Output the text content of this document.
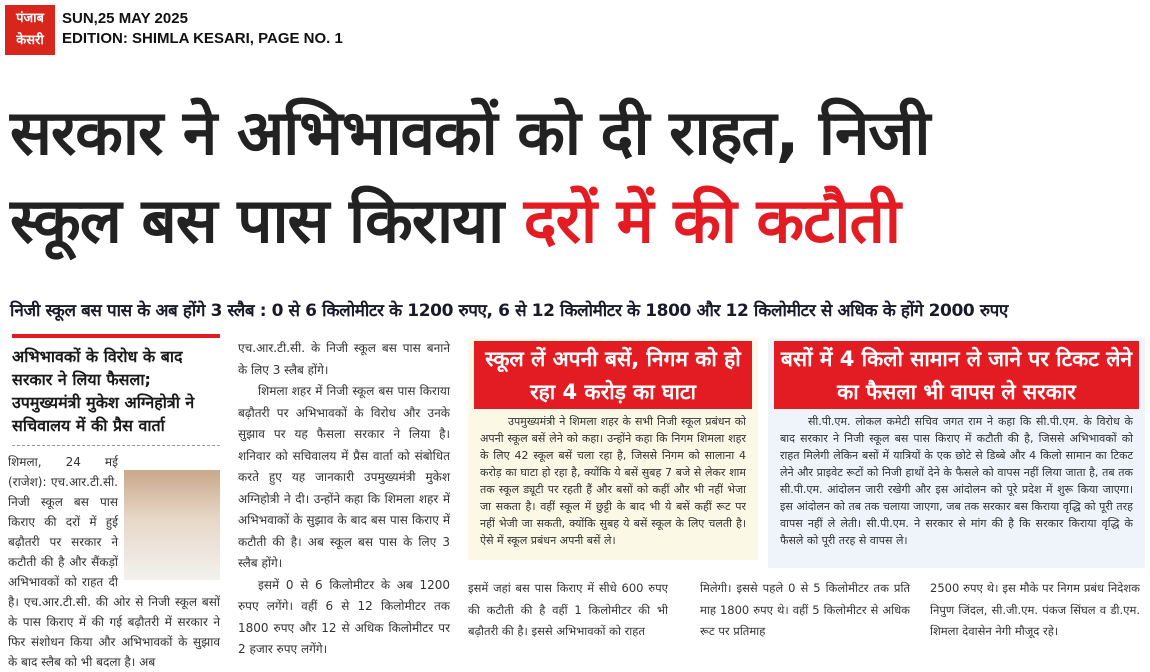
पंजाब केसरी
SUN,25 MAY 2025
EDITION: SHIMLA KESARI, PAGE NO. 1
सरकार ने अभिभावकों को दी राहत, निजी
स्कूल बस पास किराया दरों में की कटौती
निजी स्कूल बस पास के अब होंगे 3 स्लैब : 0 से 6 किलोमीटर के 1200 रुपए, 6 से 12 किलोमीटर के 1800 और 12 किलोमीटर से अधिक के होंगे 2000 रुपए
अभिभावकों के विरोध के बाद सरकार ने लिया फैसला; उपमुख्यमंत्री मुकेश अग्निहोत्री ने सचिवालय में की प्रैस वार्ता
शिमला, 24 मई (राजेश): एच.आर.टी.सी. निजी स्कूल बस पास किराए की दरों में हुई बढ़ौतरी पर सरकार ने कटौती की है और सैंकड़ों अभिभावकों को राहत दी है। एच.आर.टी.सी. की ओर से निजी स्कूल बसों के पास किराए में की गई बढ़ौतरी में सरकार ने फिर संशोधन किया और अभिभावकों के सुझाव के बाद स्लैब को भी बदला है। अब

एच.आर.टी.सी. के निजी स्कूल बस पास बनाने के लिए 3 स्लैब होंगे।

शिमला शहर में निजी स्कूल बस पास किराया बढ़ौतरी पर अभिभावकों के विरोध और उनके सुझाव पर यह फैसला सरकार ने लिया है। शनिवार को सचिवालय में प्रैस वार्ता को संबोधित करते हुए यह जानकारी उपमुख्यमंत्री मुकेश अग्निहोत्री ने दी। उन्होंने कहा कि शिमला शहर में अभिभवाकों के सुझाव के बाद बस पास किराए में कटौती की है। अब स्कूल बस पास के लिए 3 स्लैब होंगे।

इसमें 0 से 6 किलोमीटर के अब 1200 रुपए लगेंगे। वहीं 6 से 12 किलोमीटर तक 1800 रुपए और 12 से अधिक किलोमीटर पर 2 हजार रुपए लगेंगे।

स्कूल लें अपनी बसें, निगम को हो रहा 4 करोड़ का घाटा
उपमुख्यमंत्री ने शिमला शहर के सभी निजी स्कूल प्रबंधन को अपनी स्कूल बसें लेने को कहा। उन्होंने कहा कि निगम शिमला शहर के लिए 42 स्कूल बसें चला रहा है, जिससे निगम को सालाना 4 करोड़ का घाटा हो रहा है, क्योंकि ये बसें सुबह 7 बजे से लेकर शाम तक स्कूल ड्यूटी पर रहती हैं और बसों को कहीं और भी नहीं भेजा जा सकता है। वहीं स्कूल में छुट्टी के बाद भी ये बसें कहीं रूट पर नहीं भेजी जा सकती, क्योंकि सुबह ये बसें स्कूल के लिए चलती है। ऐसे में स्कूल प्रबंधन अपनी बसें ले।
बसों में 4 किलो सामान ले जाने पर टिकट लेने का फैसला भी वापस ले सरकार
सी.पी.एम. लोकल कमेटी सचिव जगत राम ने कहा कि सी.पी.एम. के विरोध के बाद सरकार ने निजी स्कूल बस पास किराए में कटौती की है, जिससे अभिभावकों को राहत मिलेगी लेकिन बसों में यात्रियों के एक छोटे से डिब्बे और 4 किलो सामान का टिकट लेने और प्राइवेट रूटों को निजी हाथों देने के फैसले को वापस नहीं लिया जाता है, तब तक सी.पी.एम. आंदोलन जारी रखेगी और इस आंदोलन को पूरे प्रदेश में शुरू किया जाएगा। इस आंदोलन को तब तक चलाया जाएगा, जब तक सरकार बस किराया वृद्धि को पूरी तरह वापस नहीं ले लेती। सी.पी.एम. ने सरकार से मांग की है कि सरकार किराया वृद्धि के फैसले को पूरी तरह से वापस ले।
इसमें जहां बस पास किराए में सीधे 600 रुपए की कटौती की है वहीं 1 किलोमीटर की भी बढ़ौतरी की है। इससे अभिभावकों को राहत
मिलेगी। इससे पहले 0 से 5 किलोमीटर तक प्रति माह 1800 रुपए थे। वहीं 5 किलोमीटर से अधिक रूट पर प्रतिमाह
2500 रुपए थे। इस मौके पर निगम प्रबंध निदेशक निपुण जिंदल, सी.जी.एम. पंकज सिंघल व डी.एम. शिमला देवासेन नेगी मौजूद रहे।
